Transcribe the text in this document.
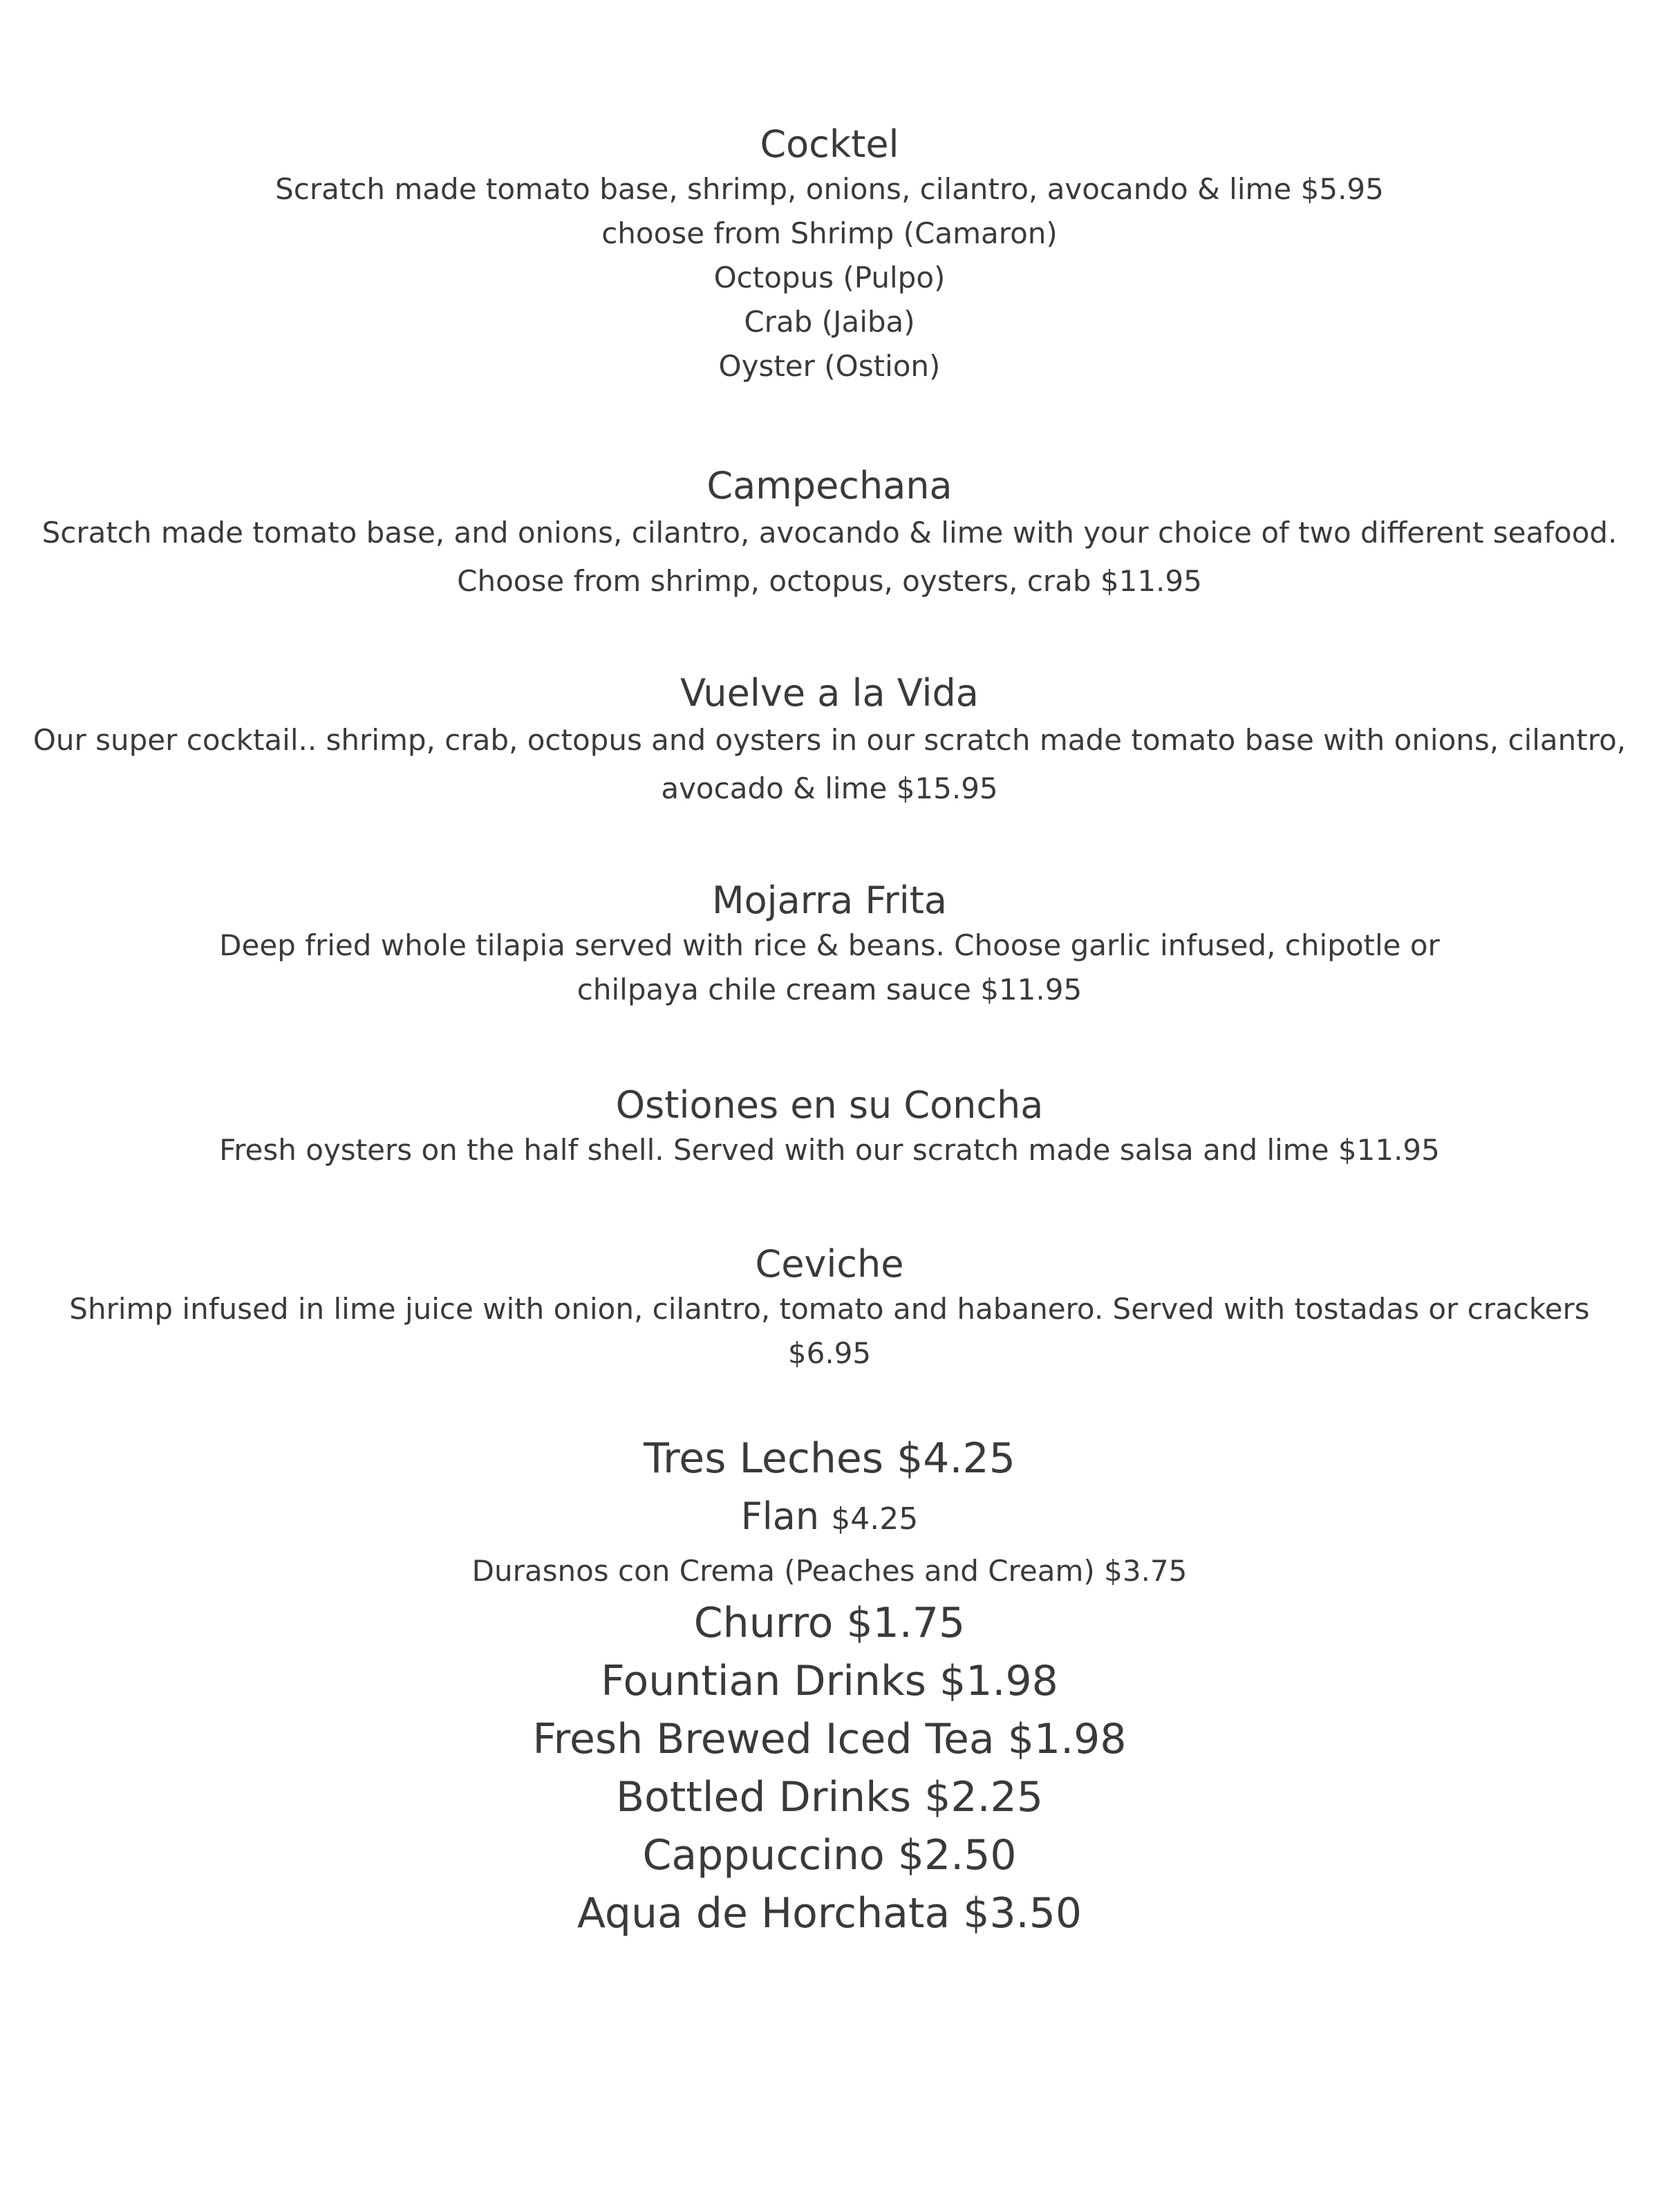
Cocktel

Scratch made tomato base, shrimp, onions, cilantro, avocando & lime $5.95

choose from Shrimp (Camaron)

Octopus (Pulpo)

Crab (Jaiba)

Oyster (Ostion)

Campechana

Scratch made tomato base, and onions, cilantro, avocando & lime with your choice of two different seafood.

Choose from shrimp, octopus, oysters, crab $11.95

Vuelve a la Vida

Our super cocktail.. shrimp, crab, octopus and oysters in our scratch made tomato base with onions, cilantro,

avocado & lime $15.95

Mojarra Frita

Deep fried whole tilapia served with rice & beans. Choose garlic infused, chipotle or

chilpaya chile cream sauce $11.95

Ostiones en su Concha

Fresh oysters on the half shell. Served with our scratch made salsa and lime $11.95

Ceviche

Shrimp infused in lime juice with onion, cilantro, tomato and habanero. Served with tostadas or crackers

$6.95

Tres Leches $4.25

Flan $4.25

Durasnos con Crema (Peaches and Cream) $3.75

Churro $1.75

Fountian Drinks $1.98

Fresh Brewed Iced Tea $1.98

Bottled Drinks $2.25

Cappuccino $2.50

Aqua de Horchata $3.50
